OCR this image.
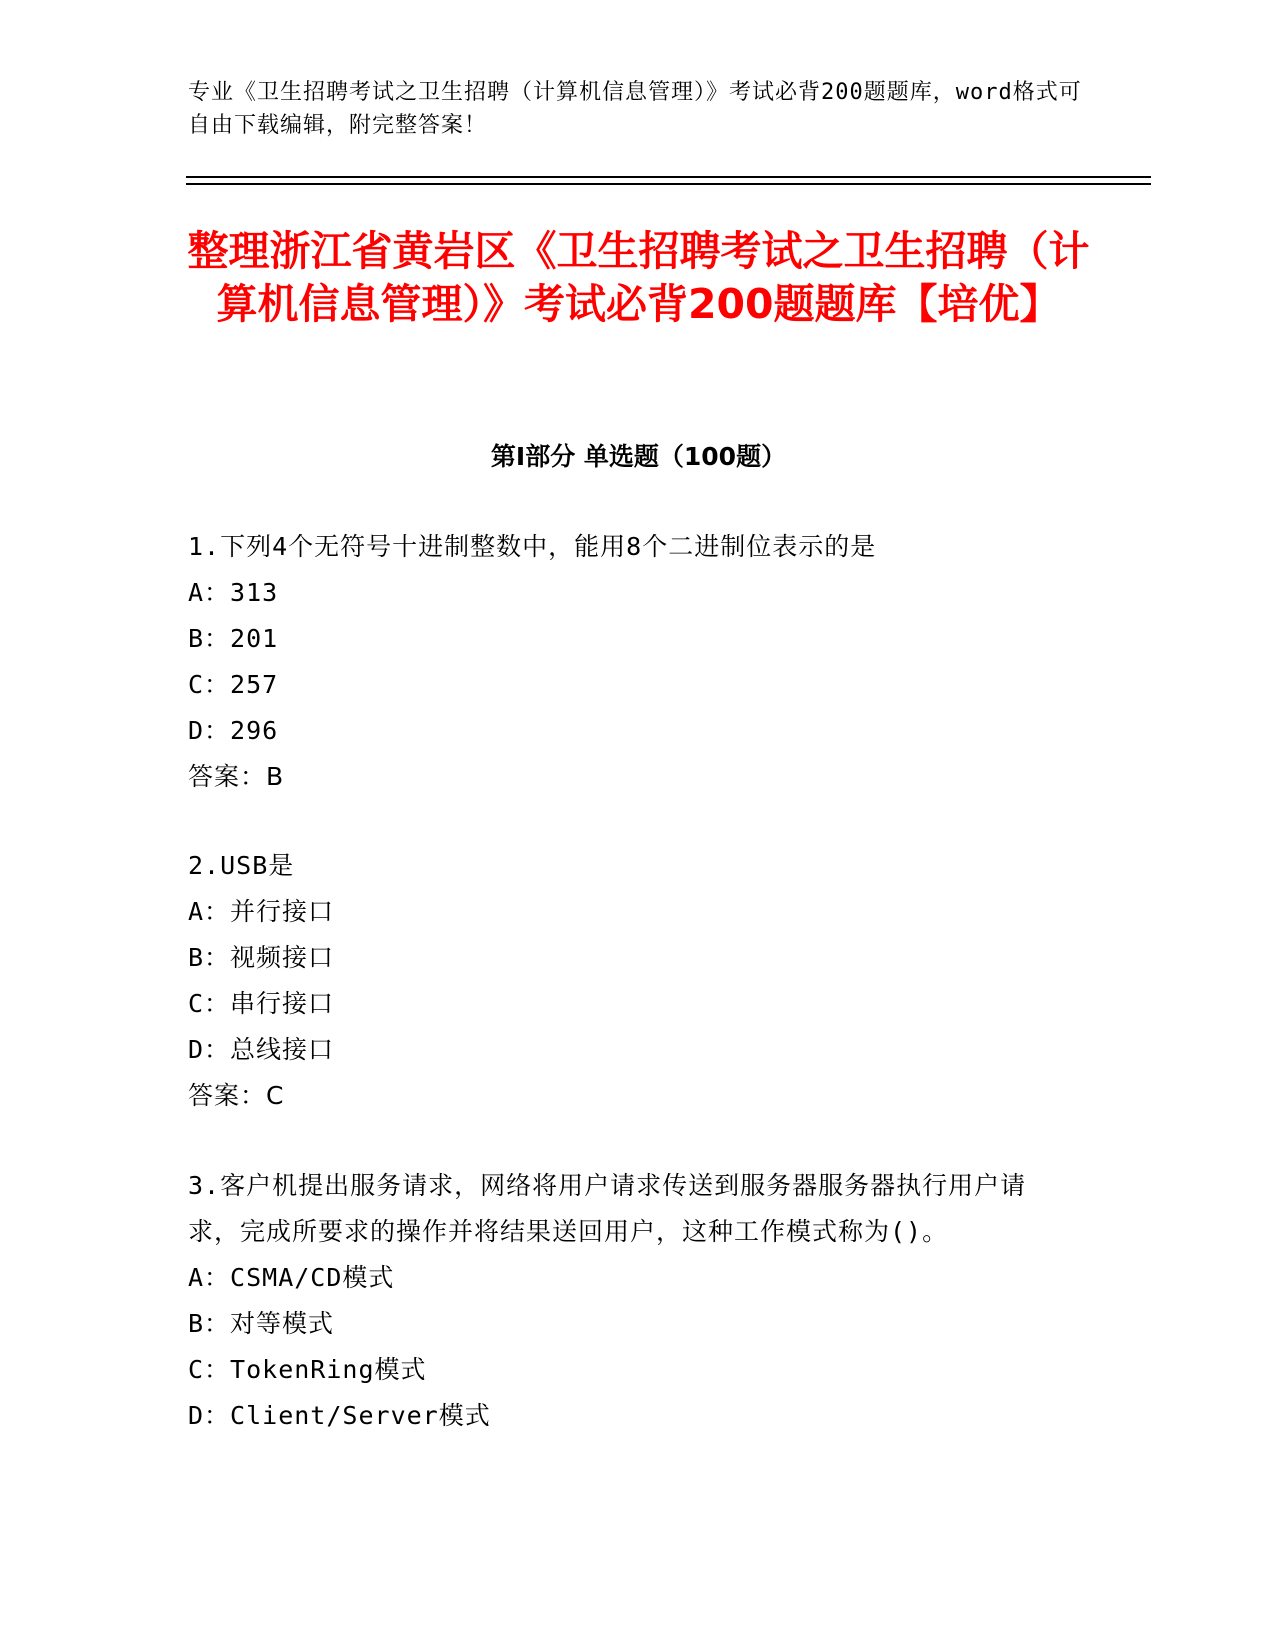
专业《卫生招聘考试之卫生招聘（计算机信息管理）》考试必背200题题库，word格式可自由下载编辑，附完整答案！
整理浙江省黄岩区《卫生招聘考试之卫生招聘（计算机信息管理）》考试必背200题题库【培优】
第Ⅰ部分 单选题（100题）

1.下列4个无符号十进制整数中，能用8个二进制位表示的是

A：313

B：201

C：257

D：296

答案：B

2.USB是

A：并行接口

B：视频接口

C：串行接口

D：总线接口

答案：C

3.客户机提出服务请求，网络将用户请求传送到服务器服务器执行用户请求，完成所要求的操作并将结果送回用户，这种工作模式称为()。

A：CSMA/CD模式

B：对等模式

C：TokenRing模式

D：Client/Server模式
